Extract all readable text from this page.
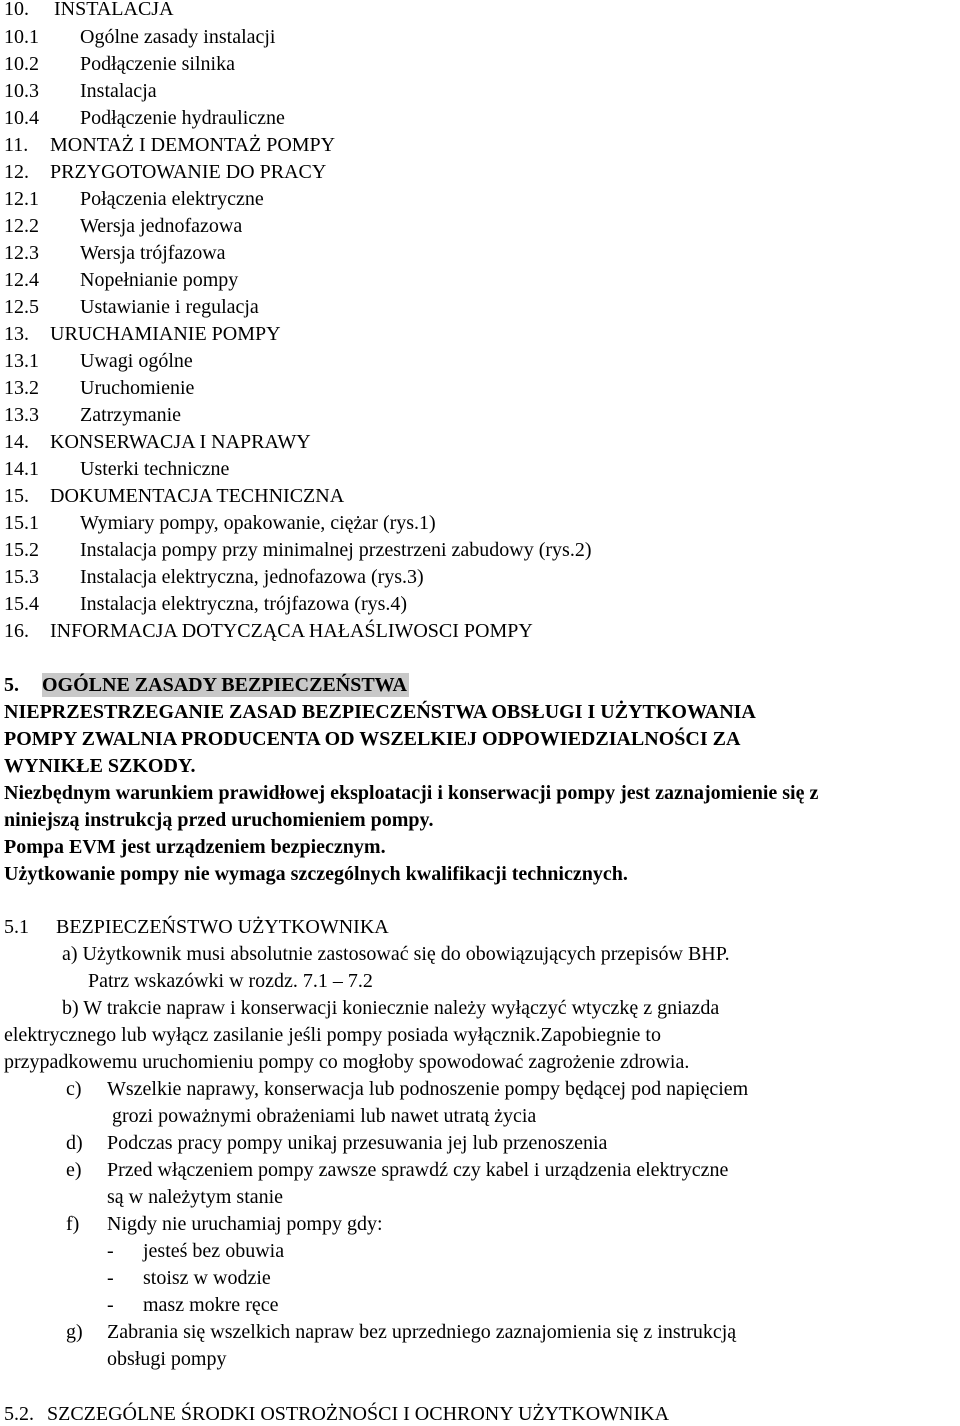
10. INSTALACJA
10.1 Ogólne zasady instalacji
10.2 Podłączenie silnika
10.3 Instalacja
10.4 Podłączenie hydrauliczne
11. MONTAŻ I DEMONTAŻ POMPY
12. PRZYGOTOWANIE DO PRACY
12.1 Połączenia elektryczne
12.2 Wersja jednofazowa
12.3 Wersja trójfazowa
12.4 Nopełnianie pompy
12.5 Ustawianie i regulacja
13. URUCHAMIANIE POMPY
13.1 Uwagi ogólne
13.2 Uruchomienie
13.3 Zatrzymanie
14. KONSERWACJA I NAPRAWY
14.1 Usterki techniczne
15. DOKUMENTACJA TECHNICZNA
15.1 Wymiary pompy, opakowanie, ciężar (rys.1)
15.2 Instalacja pompy przy minimalnej przestrzeni zabudowy (rys.2)
15.3 Instalacja elektryczna, jednofazowa (rys.3)
15.4 Instalacja elektryczna, trójfazowa (rys.4)
16. INFORMACJA DOTYCZĄCA HAŁAŚLIWOSCI POMPY
5. OGÓLNE ZASADY BEZPIECZEŃSTWA
NIEPRZESTRZEGANIE ZASAD BEZPIECZEŃSTWA OBSŁUGI I UŻYTKOWANIA
POMPY ZWALNIA PRODUCENTA OD WSZELKIEJ ODPOWIEDZIALNOŚCI ZA
WYNIKŁE SZKODY.
Niezbędnym warunkiem prawidłowej eksploatacji i konserwacji pompy jest zaznajomienie się z
niniejszą instrukcją przed uruchomieniem pompy.
Pompa EVM jest urządzeniem bezpiecznym.
Użytkowanie pompy nie wymaga szczególnych kwalifikacji technicznych.
5.1 BEZPIECZEŃSTWO UŻYTKOWNIKA
a) Użytkownik musi absolutnie zastosować się do obowiązujących przepisów BHP.
Patrz wskazówki w rozdz. 7.1 – 7.2
b) W trakcie napraw i konserwacji koniecznie należy wyłączyć wtyczkę z gniazda
elektrycznego lub wyłącz zasilanie jeśli pompy posiada wyłącznik.Zapobiegnie to
przypadkowemu uruchomieniu pompy co mogłoby spowodować zagrożenie zdrowia.
c) Wszelkie naprawy, konserwacja lub podnoszenie pompy będącej pod napięciem
grozi poważnymi obrażeniami lub nawet utratą życia
d) Podczas pracy pompy unikaj przesuwania jej lub przenoszenia
e) Przed włączeniem pompy zawsze sprawdź czy kabel i urządzenia elektryczne
są w należytym stanie
f) Nigdy nie uruchamiaj pompy gdy:
- jesteś bez obuwia
- stoisz w wodzie
- masz mokre ręce
g) Zabrania się wszelkich napraw bez uprzedniego zaznajomienia się z instrukcją
obsługi pompy
5.2. SZCZEGÓLNE ŚRODKI OSTROŻNOŚCI I OCHRONY UŻYTKOWNIKA
